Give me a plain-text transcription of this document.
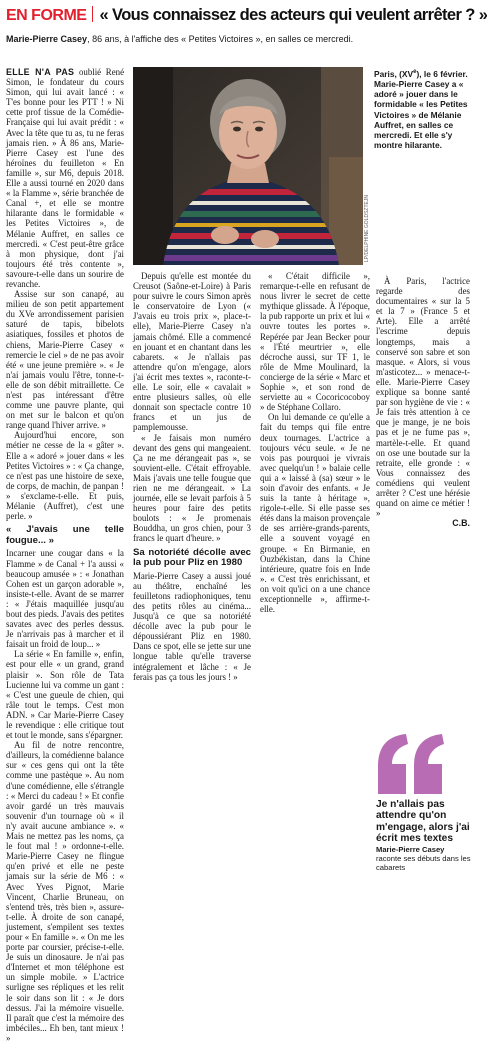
EN FORME « Vous connaissez des acteurs qui veulent arrêter ? »
Marie-Pierre Casey, 86 ans, à l'affiche des « Petites Victoires », en salles ce mercredi.

ELLE N'A PAS oublié René Simon, le fondateur du cours Simon, qui lui avait lancé : « T'es bonne pour les PTT ! » Ni cette prof tissue de la Comédie-Française qui lui avait prédit : « Avec la tête que tu as, tu ne feras jamais rien. » À 86 ans, Marie-Pierre Casey est l'une des héroïnes du feuilleton « En famille », sur M6, depuis 2018. Elle a aussi tourné en 2020 dans « la Flamme », série branchée de Canal +, et elle se montre hilarante dans le formidable « les Petites Victoires », de Mélanie Auffret, en salles ce mercredi. « C'est peut-être grâce à mon physique, dont j'ai toujours été très contente », savoure-t-elle dans un sourire de revanche.

Assise sur son canapé, au milieu de son petit appartement du XVe arrondissement parisien saturé de tapis, bibelots asiatiques, fossiles et photos de chiens, Marie-Pierre Casey « remercie le ciel » de ne pas avoir été « une jeune première ». « Je n'ai jamais voulu l'être, tonne-t-elle de son débit mitraillette. Ce n'est pas intéressant d'être comme une pauvre plante, qui on met sur le balcon et qu'on range quand l'hiver arrive. »

Aujourd'hui encore, son métier ne cesse de la « gâter ». Elle a « adoré » jouer dans « les Petites Victoires » : « Ça change, ce n'est pas une histoire de sexe, de corps, de machin, de panpan ! » s'exclame-t-elle. Et puis, Mélanie (Auffret), c'est une perle. »

« J'avais une telle fougue... »

Incarner une cougar dans « la Flamme » de Canal + l'a aussi « beaucoup amusée » : « Jonathan Cohen est un garçon adorable », insiste-t-elle. Avant de se marrer : « J'étais maquillée jusqu'au bout des pieds. J'avais des petites savates avec des perles dessus. Je n'arrivais pas à marcher et il faisait un froid de loup... »

La série « En famille », enfin, est pour elle « un grand, grand plaisir ». Son rôle de Tata Lucienne lui va comme un gant : « C'est une gueule de chien, qui râle tout le temps. C'est mon ADN. » Car Marie-Pierre Casey le revendique : elle critique tout et tout le monde, sans s'épargner.

Au fil de notre rencontre, d'ailleurs, la comédienne balance sur « ces gens qui ont la tête comme une pastèque ». Au nom d'une comédienne, elle s'étrangle : « Merci du cadeau ! » Et confie avoir gardé un très mauvais souvenir d'un tournage où « il n'y avait aucune ambiance ». « Mais ne mettez pas les noms, ça le fout mal ! » ordonne-t-elle. Marie-Pierre Casey ne flingue qu'en privé et elle ne peste jamais sur la série de M6 : « Avec Yves Pignot, Marie Vincent, Charlie Bruneau, on s'entend très, très bien », assure-t-elle. À droite de son canapé, justement, s'empilent ses textes pour « En famille ». « On me les porte par coursier, précise-t-elle. Je suis un dinosaure. Je n'ai pas d'Internet et mon téléphone est un simple mobile. » L'actrice surligne ses répliques et les relit le soir dans son lit : « Je dors dessus. J'ai la mémoire visuelle. Il paraît que c'est la mémoire des imbéciles... Eh ben, tant mieux ! »

LP/DELPHINE GOLDSZTEJN
Paris, (XVe), le 6 février. Marie-Pierre Casey a « adoré » jouer dans le formidable « les Petites Victoires » de Mélanie Auffret, en salles ce mercredi. Et elle s'y montre hilarante.

Depuis qu'elle est montée du Creusot (Saône-et-Loire) à Paris pour suivre le cours Simon après le conservatoire de Lyon (« J'avais eu trois prix », place-t-elle), Marie-Pierre Casey n'a jamais chômé. Elle a commencé en jouant et en chantant dans les cabarets. « Je n'allais pas attendre qu'on m'engage, alors j'ai écrit mes textes », raconte-t-elle. Le soir, elle « cavalait » entre plusieurs salles, où elle donnait son spectacle contre 10 francs et un jus de pamplemousse.

« Je faisais mon numéro devant des gens qui mangeaient. Ça ne me dérangeait pas », se souvient-elle. C'était effroyable. Mais j'avais une telle fougue que rien ne me dérangeait. » La journée, elle se levait parfois à 5 heures pour faire des petits boulots : « Je promenais Bouddha, un gros chien, pour 3 francs le quart d'heure. »

Sa notoriété décolle avec la pub pour Pliz en 1980

Marie-Pierre Casey a aussi joué au théâtre, enchaîné les feuilletons radiophoniques, tenu des petits rôles au cinéma... Jusqu'à ce que sa notoriété décolle avec la pub pour le dépoussiérant Pliz en 1980. Dans ce spot, elle se jette sur une longue table qu'elle traverse intégralement et lâche : « Je ferais pas ça tous les jours ! »

« C'était difficile », remarque-t-elle en refusant de nous livrer le secret de cette mythique glissade. À l'époque, la pub rapporte un prix et lui « ouvre toutes les portes ». Repérée par Jean Becker pour « l'Été meurtrier », elle décroche aussi, sur TF 1, le rôle de Mme Moulinard, la concierge de la série « Marc et Sophie », et son rond de serviette au « Cocoricocoboy » de Stéphane Collaro.

On lui demande ce qu'elle a fait du temps qui file entre deux tournages. L'actrice a toujours vécu seule. « Je ne vois pas pourquoi je vivrais avec quelqu'un ! » balaie celle qui a « laissé à (sa) sœur » le soin d'avoir des enfants. « Je suis la tante à héritage », rigole-t-elle. Si elle passe ses étés dans la maison provençale de ses arrière-grands-parents, elle a souvent voyagé en groupe. « En Birmanie, en Ouzbékistan, dans la Chine intérieure, quatre fois en Inde ». « C'est très enrichissant, et on voit qu'ici on a une chance exceptionnelle », affirme-t-elle.

À Paris, l'actrice regarde des documentaires « sur la 5 et la 7 » (France 5 et Arte). Elle a arrêté l'escrime depuis longtemps, mais a conservé son sabre et son masque. « Alors, si vous m'asticotez... » menace-t-elle. Marie-Pierre Casey explique sa bonne santé par son hygiène de vie : « Je fais très attention à ce que je mange, je ne bois pas et je ne fume pas », martèle-t-elle. Et quand on ose une boutade sur la retraite, elle gronde : « Vous connaissez des comédiens qui veulent arrêter ? C'est une hérésie quand on aime ce métier ! »

C.B.

Je n'allais pas attendre qu'on m'engage, alors j'ai écrit mes textes
Marie-Pierre Casey
raconte ses débuts dans les cabarets
